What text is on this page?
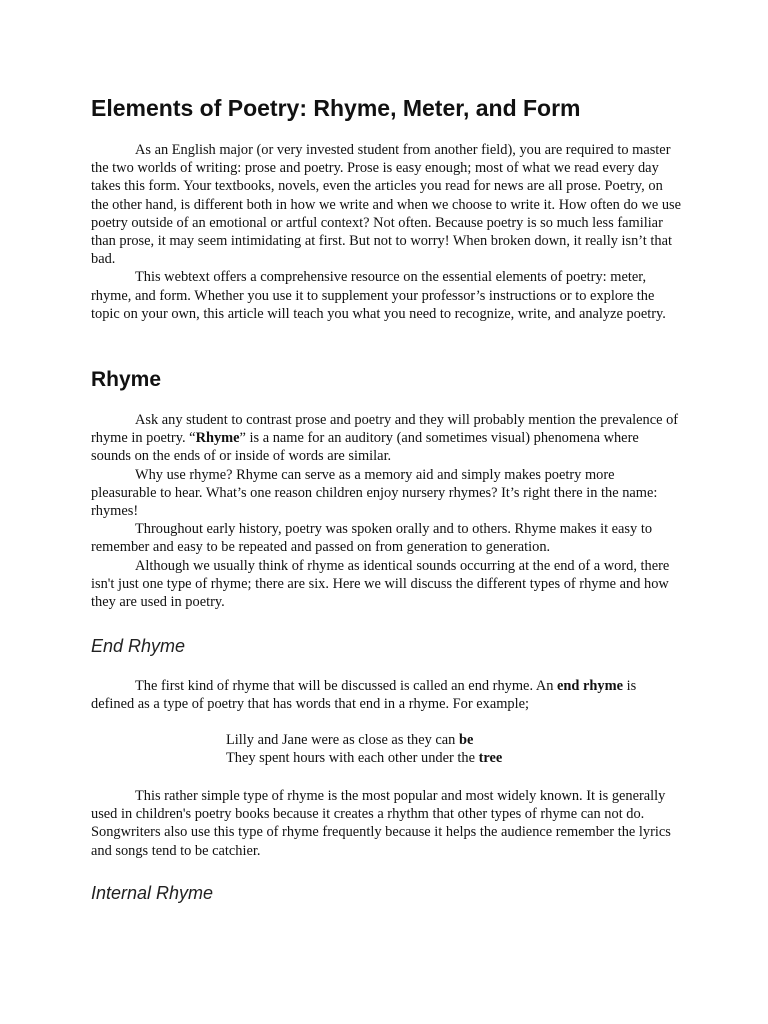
Elements of Poetry: Rhyme, Meter, and Form

As an English major (or very invested student from another field), you are required to master the two worlds of writing: prose and poetry. Prose is easy enough; most of what we read every day takes this form. Your textbooks, novels, even the articles you read for news are all prose. Poetry, on the other hand, is different both in how we write and when we choose to write it. How often do we use poetry outside of an emotional or artful context? Not often. Because poetry is so much less familiar than prose, it may seem intimidating at first. But not to worry! When broken down, it really isn’t that bad.

This webtext offers a comprehensive resource on the essential elements of poetry: meter, rhyme, and form. Whether you use it to supplement your professor’s instructions or to explore the topic on your own, this article will teach you what you need to recognize, write, and analyze poetry.

Rhyme

Ask any student to contrast prose and poetry and they will probably mention the prevalence of rhyme in poetry. “Rhyme” is a name for an auditory (and sometimes visual) phenomena where sounds on the ends of or inside of words are similar.

Why use rhyme? Rhyme can serve as a memory aid and simply makes poetry more pleasurable to hear. What’s one reason children enjoy nursery rhymes? It’s right there in the name: rhymes!

Throughout early history, poetry was spoken orally and to others. Rhyme makes it easy to remember and easy to be repeated and passed on from generation to generation.

Although we usually think of rhyme as identical sounds occurring at the end of a word, there isn't just one type of rhyme; there are six. Here we will discuss the different types of rhyme and how they are used in poetry.

End Rhyme

The first kind of rhyme that will be discussed is called an end rhyme. An end rhyme is defined as a type of poetry that has words that end in a rhyme. For example;

Lilly and Jane were as close as they can be
They spent hours with each other under the tree

This rather simple type of rhyme is the most popular and most widely known. It is generally used in children's poetry books because it creates a rhythm that other types of rhyme can not do. Songwriters also use this type of rhyme frequently because it helps the audience remember the lyrics and songs tend to be catchier.

Internal Rhyme
